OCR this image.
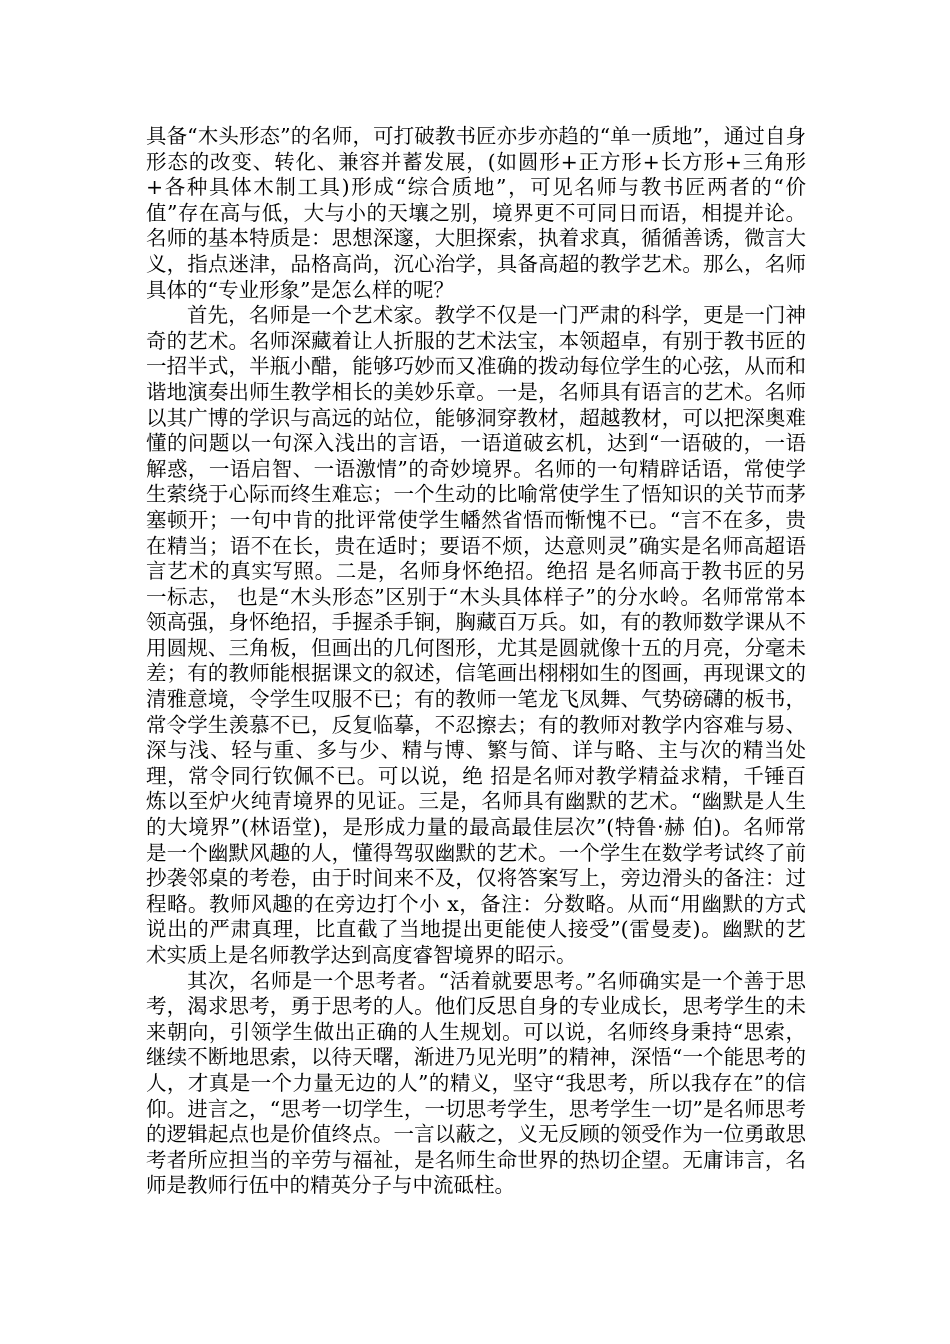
具备“木头形态”的名师，可打破教书匠亦步亦趋的“单一质地”，通过自身形态的改变、转化、兼容并蓄发展，(如圆形+正方形+长方形+三角形+各种具体木制工具)形成“综合质地”，可见名师与教书匠两者的“价值”存在高与低，大与小的天壤之别，境界更不可同日而语，相提并论。名师的基本特质是：思想深邃，大胆探索，执着求真，循循善诱，微言大义，指点迷津，品格高尚，沉心治学，具备高超的教学艺术。那么，名师具体的“专业形象”是怎么样的呢？

首先，名师是一个艺术家。教学不仅是一门严肃的科学，更是一门神奇的艺术。名师深藏着让人折服的艺术法宝，本领超卓，有别于教书匠的一招半式，半瓶小醋，能够巧妙而又准确的拨动每位学生的心弦，从而和谐地演奏出师生教学相长的美妙乐章。一是，名师具有语言的艺术。名师以其广博的学识与高远的站位，能够洞穿教材，超越教材，可以把深奥难懂的问题以一句深入浅出的言语，一语道破玄机，达到“一语破的，一语解惑，一语启智、一语激情”的奇妙境界。名师的一句精辟话语，常使学生萦绕于心际而终生难忘；一个生动的比喻常使学生了悟知识的关节而茅塞顿开；一句中肯的批评常使学生幡然省悟而惭愧不已。“言不在多，贵在精当；语不在长，贵在适时；要语不烦，达意则灵”确实是名师高超语言艺术的真实写照。二是，名师身怀绝招。绝招 是名师高于教书匠的另一标志， 也是“木头形态”区别于“木头具体样子”的分水岭。名师常常本领高强，身怀绝招，手握杀手锏，胸藏百万兵。如，有的教师数学课从不用圆规、三角板，但画出的几何图形，尤其是圆就像十五的月亮，分毫未差；有的教师能根据课文的叙述，信笔画出栩栩如生的图画，再现课文的清雅意境，令学生叹服不已；有的教师一笔龙飞凤舞、气势磅礴的板书，常令学生羡慕不已，反复临摹，不忍擦去；有的教师对教学内容难与易、深与浅、轻与重、多与少、精与博、繁与简、详与略、主与次的精当处理，常令同行钦佩不已。可以说，绝 招是名师对教学精益求精，千锤百炼以至炉火纯青境界的见证。三是，名师具有幽默的艺术。“幽默是人生的大境界”(林语堂)，是形成力量的最高最佳层次”(特鲁·赫 伯)。名师常是一个幽默风趣的人，懂得驾驭幽默的艺术。一个学生在数学考试终了前抄袭邻桌的考卷，由于时间来不及，仅将答案写上，旁边滑头的备注：过程略。教师风趣的在旁边打个小 x，备注：分数略。从而“用幽默的方式说出的严肃真理，比直截了当地提出更能使人接受”(雷曼麦)。幽默的艺术实质上是名师教学达到高度睿智境界的昭示。

其次，名师是一个思考者。“活着就要思考。”名师确实是一个善于思考，渴求思考，勇于思考的人。他们反思自身的专业成长，思考学生的未来朝向，引领学生做出正确的人生规划。可以说，名师终身秉持“思索，继续不断地思索，以待天曙，渐进乃见光明”的精神，深悟“一个能思考的人，才真是一个力量无边的人”的精义，坚守“我思考，所以我存在”的信仰。进言之，“思考一切学生，一切思考学生，思考学生一切”是名师思考的逻辑起点也是价值终点。一言以蔽之，义无反顾的领受作为一位勇敢思考者所应担当的辛劳与福祉，是名师生命世界的热切企望。无庸讳言，名师是教师行伍中的精英分子与中流砥柱。
